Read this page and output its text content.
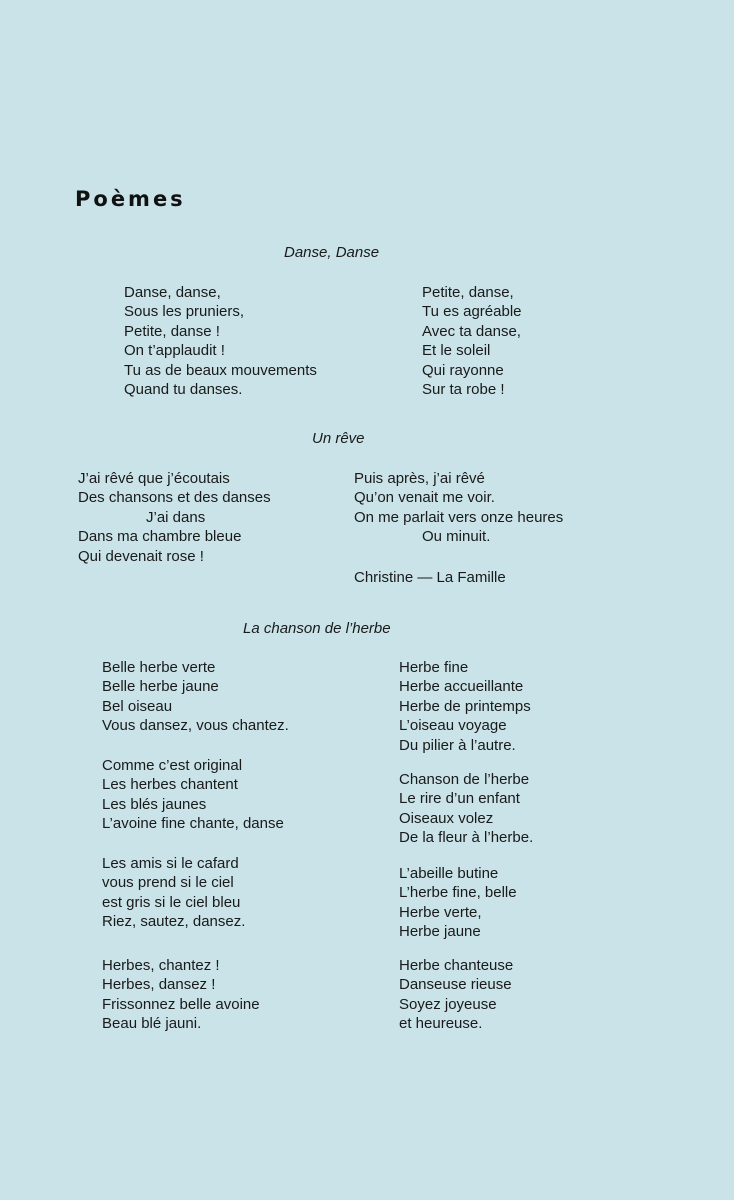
Poèmes
Danse, Danse
Danse, danse,
Sous les pruniers,
Petite, danse !
On t’applaudit !
Tu as de beaux mouvements
Quand tu danses.
Petite, danse,
Tu es agréable
Avec ta danse,
Et le soleil
Qui rayonne
Sur ta robe !
Un rêve
J’ai rêvé que j’écoutais
Des chansons et des danses
J’ai dans
Dans ma chambre bleue
Qui devenait rose !
Puis après, j’ai rêvé
Qu’on venait me voir.
On me parlait vers onze heures
Ou minuit.
Christine — La Famille
La chanson de l’herbe
Belle herbe verte
Belle herbe jaune
Bel oiseau
Vous dansez, vous chantez.
Comme c’est original
Les herbes chantent
Les blés jaunes
L’avoine fine chante, danse
Les amis si le cafard
vous prend si le ciel
est gris si le ciel bleu
Riez, sautez, dansez.
Herbes, chantez !
Herbes, dansez !
Frissonnez belle avoine
Beau blé jauni.
Herbe fine
Herbe accueillante
Herbe de printemps
L’oiseau voyage
Du pilier à l’autre.
Chanson de l’herbe
Le rire d’un enfant
Oiseaux volez
De la fleur à l’herbe.
L’abeille butine
L’herbe fine, belle
Herbe verte,
Herbe jaune
Herbe chanteuse
Danseuse rieuse
Soyez joyeuse
et heureuse.
